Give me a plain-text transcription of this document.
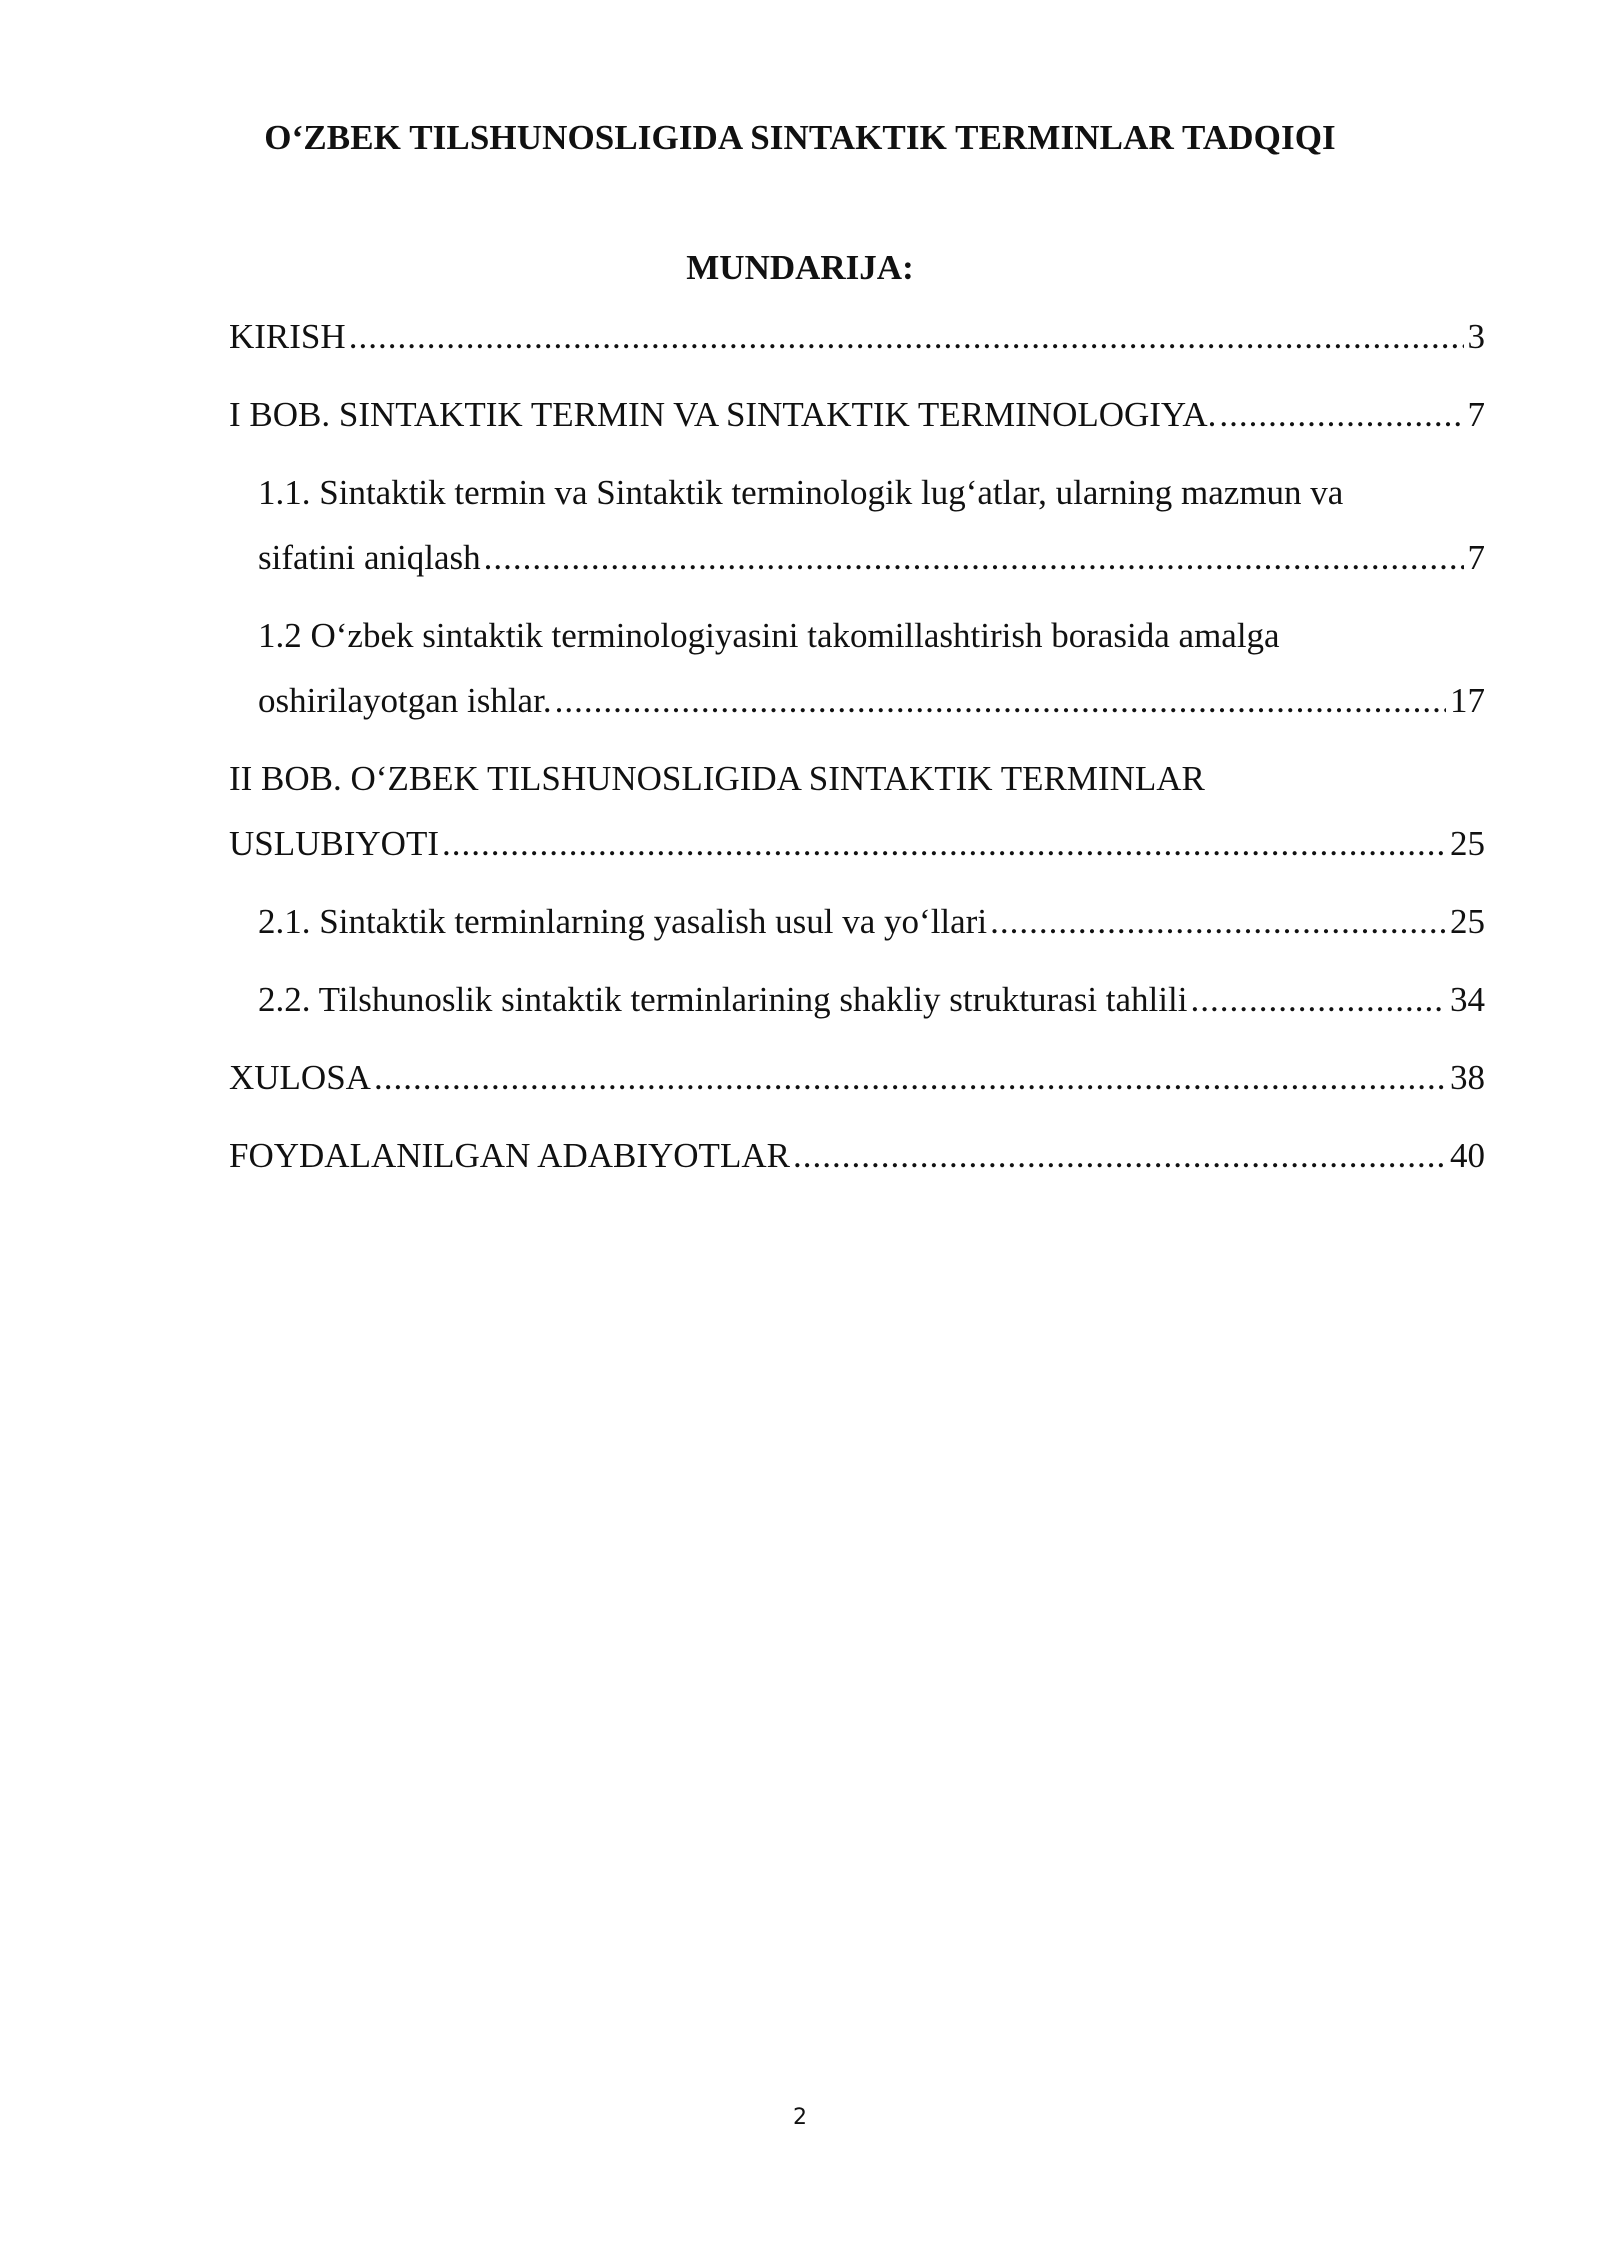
O‘ZBEK TILSHUNOSLIGIDA SINTAKTIK TERMINLAR TADQIQI
MUNDARIJA:
KIRISH .....	3
I BOB. SINTAKTIK TERMIN VA SINTAKTIK TERMINOLOGIYA. .....	7
1.1. Sintaktik termin va Sintaktik terminologik lug‘atlar, ularning mazmun va
sifatini aniqlash .....	7
1.2 O‘zbek sintaktik terminologiyasini takomillashtirish borasida amalga
oshirilayotgan ishlar. .....	17
II BOB. O‘ZBEK TILSHUNOSLIGIDA SINTAKTIK TERMINLAR
USLUBIYOTI .....	25
2.1. Sintaktik terminlarning yasalish usul va yo‘llari .....	25
2.2. Tilshunoslik sintaktik terminlarining shakliy strukturasi tahlili .....	34
XULOSA .....	38
FOYDALANILGAN ADABIYOTLAR .....	40
2
